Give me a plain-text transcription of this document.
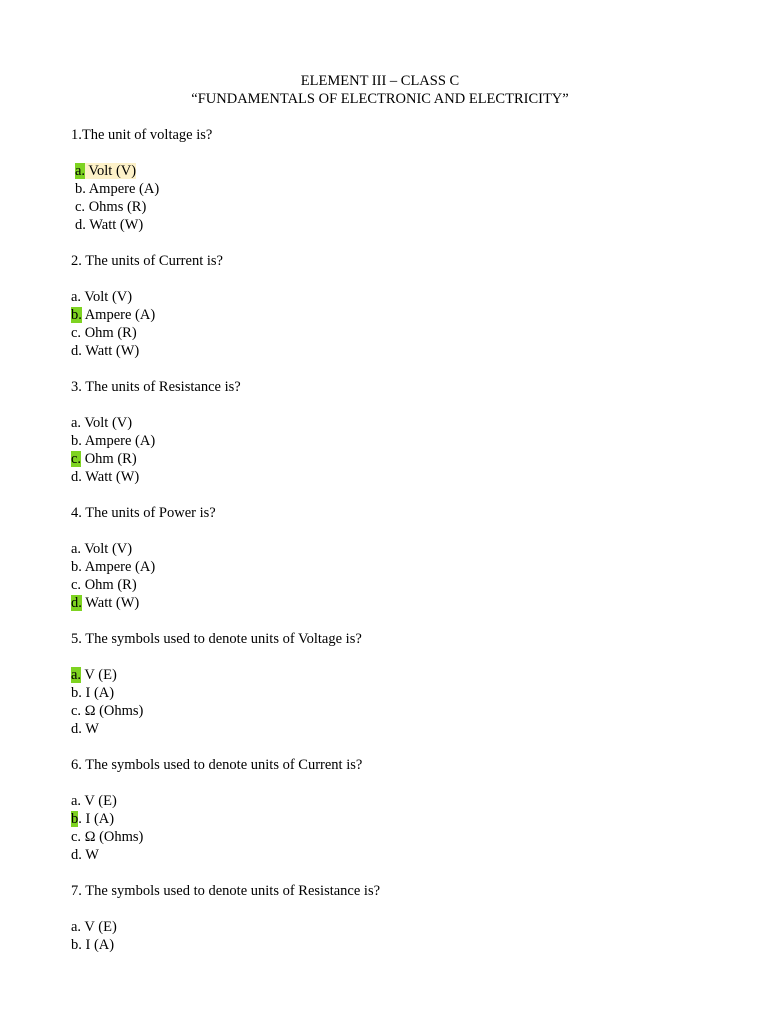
ELEMENT III – CLASS C
“FUNDAMENTALS OF ELECTRONIC AND ELECTRICITY”
1.The unit of voltage is?
a. Volt (V)
b. Ampere (A)
c. Ohms (R)
d. Watt (W)
2. The units of Current is?
a. Volt (V)
b. Ampere (A)
c. Ohm (R)
d. Watt (W)
3. The units of Resistance is?
a. Volt (V)
b. Ampere (A)
c. Ohm (R)
d. Watt (W)
4. The units of Power is?
a. Volt (V)
b. Ampere (A)
c. Ohm (R)
d. Watt (W)
5. The symbols used to denote units of Voltage is?
a. V (E)
b. I (A)
c. Ω (Ohms)
d. W
6. The symbols used to denote units of Current is?
a. V (E)
b. I (A)
c. Ω (Ohms)
d. W
7. The symbols used to denote units of Resistance is?
a. V (E)
b. I (A)
